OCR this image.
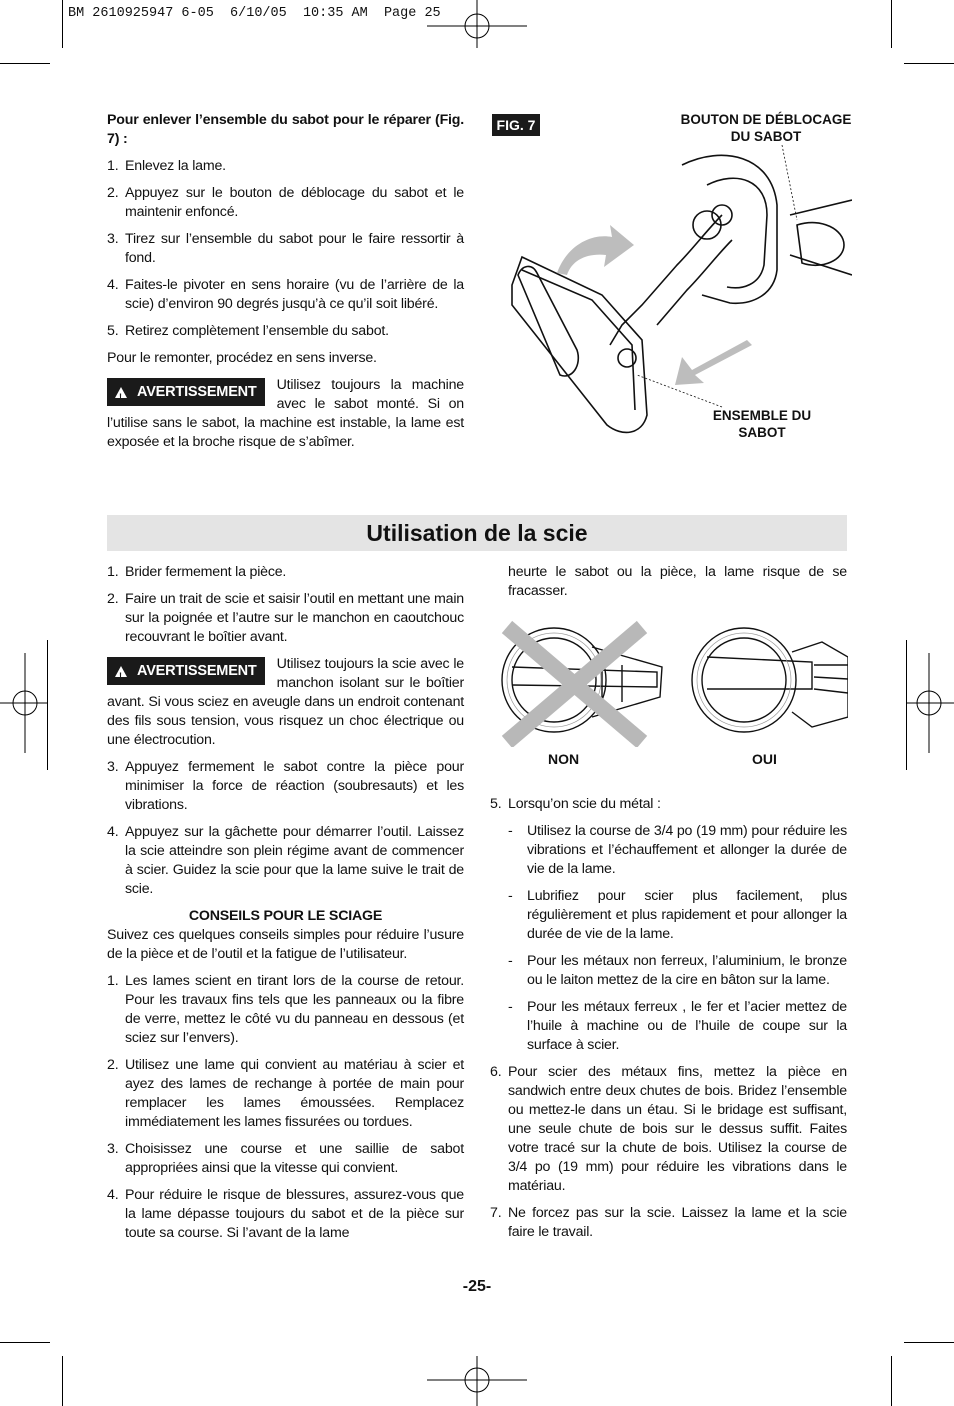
BM 2610925947 6-05  6/10/05  10:35 AM  Page 25

Pour enlever l’ensemble du sabot pour le réparer (Fig. 7) :

1. Enlevez la lame.
2. Appuyez sur le bouton de déblocage du sabot et le maintenir enfoncé.
3. Tirez sur l’ensemble du sabot pour le faire ressortir à fond.
4. Faites-le pivoter en sens horaire (vu de l’arrière de la scie) d’environ 90 degrés jusqu’à ce qu’il soit libéré.
5. Retirez complètement l’ensemble du sabot.

Pour le remonter, procédez en sens inverse.

!
AVERTISSEMENT Utilisez toujours la machine avec le sabot monté. Si on l’utilise sans le sabot, la machine est instable, la lame est exposée et la broche risque de s’abîmer.

FIG. 7	BOUTON DE DÉBLOCAGE DU SABOT
ENSEMBLE DU SABOT
Utilisation de la scie
1. Brider fermement la pièce.
2. Faire un trait de scie et saisir l’outil en mettant une main sur la poignée et l’autre sur le manchon en caoutchouc recouvrant le boîtier avant.

!
AVERTISSEMENT Utilisez toujours la scie avec le manchon isolant sur le boîtier avant. Si vous sciez en aveugle dans un endroit contenant des fils sous tension, vous risquez un choc électrique ou une électrocution.

3. Appuyez fermement le sabot contre la pièce pour minimiser la force de réaction (soubresauts) et les vibrations.
4. Appuyez sur la gâchette pour démarrer l’outil. Laissez la scie atteindre son plein régime avant de commencer à scier. Guidez la scie pour que la lame suive le trait de scie.

CONSEILS POUR LE SCIAGE

Suivez ces quelques conseils simples pour réduire l’usure de la pièce et de l’outil et la fatigue de l’utilisateur.

1. Les lames scient en tirant lors de la course de retour. Pour les travaux fins tels que les panneaux ou la fibre de verre, mettez le côté vu du panneau en dessous (et sciez sur l’envers).
2. Utilisez une lame qui convient au matériau à scier et ayez des lames de rechange à portée de main pour remplacer les lames émoussées. Remplacez immédiatement les lames fissurées ou tordues.
3. Choisissez une course et une saillie de sabot appropriées ainsi que la vitesse qui convient.
4. Pour réduire le risque de blessures, assurez-vous que la lame dépasse toujours du sabot et de la pièce sur toute sa course. Si l’avant de la lame
heurte le sabot ou la pièce, la lame risque de se fracasser.
NON	OUI
5. Lorsqu’on scie du métal :
-	Utilisez la course de 3/4 po (19 mm) pour réduire les vibrations et l’échauffement et allonger la durée de vie de la lame.
-	Lubrifiez pour scier plus facilement, plus régulièrement et plus rapidement et pour allonger la durée de vie de la lame.
-	Pour les métaux non ferreux, l’aluminium, le bronze ou le laiton mettez de la cire en bâton sur la lame.
-	Pour les métaux ferreux , le fer et l’acier mettez de l’huile à machine ou de l’huile de coupe sur la surface à scier.
6. Pour scier des métaux fins, mettez la pièce en sandwich entre deux chutes de bois. Bridez l’ensemble ou mettez-le dans un étau. Si le bridage est suffisant, une seule chute de bois sur le dessus suffit. Faites votre tracé sur la chute de bois. Utilisez la course de 3/4 po (19 mm) pour réduire les vibrations dans le matériau.
7. Ne forcez pas sur la scie. Laissez la lame et la scie faire le travail.
-25-
